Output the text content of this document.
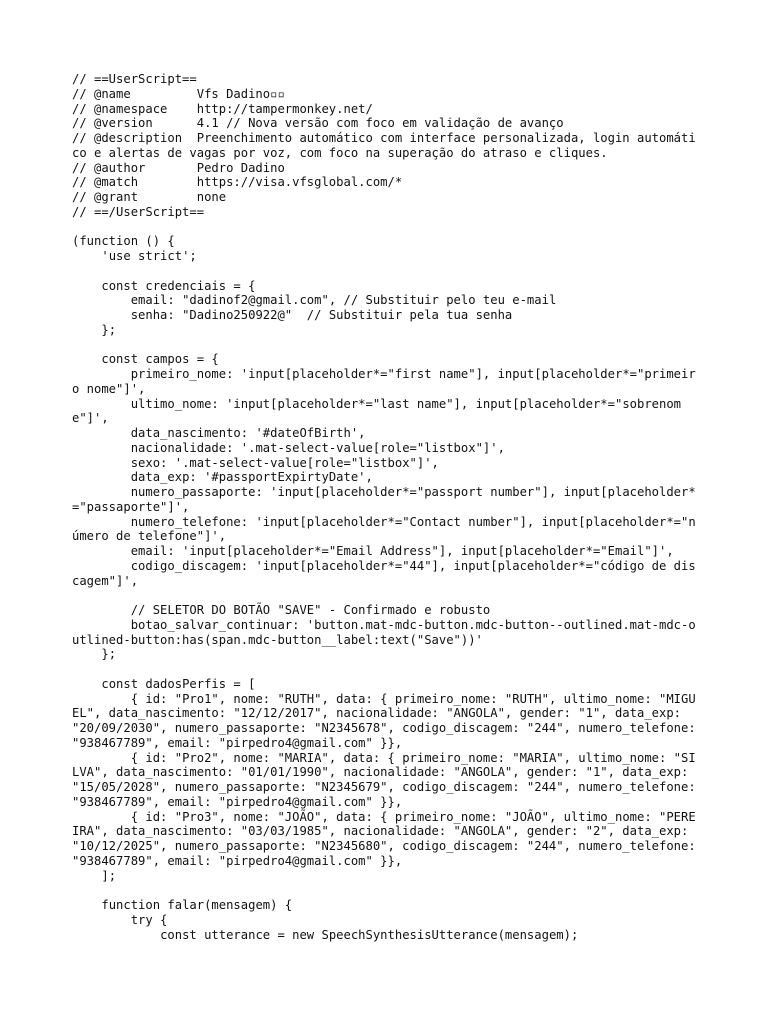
// ==UserScript==
// @name         Vfs Dadino▫▫
// @namespace    http://tampermonkey.net/
// @version      4.1 // Nova versão com foco em validação de avanço
// @description  Preenchimento automático com interface personalizada, login automático e alertas de vagas por voz, com foco na superação do atraso e cliques.
// @author       Pedro Dadino
// @match        https://visa.vfsglobal.com/*
// @grant        none
// ==/UserScript==
(function () {
'use strict';
const credenciais = {
email: "dadinof2@gmail.com", // Substituir pelo teu e-mail
senha: "Dadino250922@"  // Substituir pela tua senha
};
const campos = {
primeiro_nome: 'input[placeholder*="first name"], input[placeholder*="primeiro nome"]',
ultimo_nome: 'input[placeholder*="last name"], input[placeholder*="sobrenome"]',
data_nascimento: '#dateOfBirth',
nacionalidade: '.mat-select-value[role="listbox"]',
sexo: '.mat-select-value[role="listbox"]',
data_exp: '#passportExpirtyDate',
numero_passaporte: 'input[placeholder*="passport number"], input[placeholder*="passaporte"]',
numero_telefone: 'input[placeholder*="Contact number"], input[placeholder*="número de telefone"]',
email: 'input[placeholder*="Email Address"], input[placeholder*="Email"]',
codigo_discagem: 'input[placeholder*="44"], input[placeholder*="código de discagem"]',
// SELETOR DO BOTÃO "SAVE" - Confirmado e robusto
botao_salvar_continuar: 'button.mat-mdc-button.mdc-button--outlined.mat-mdc-outlined-button:has(span.mdc-button__label:text("Save"))'
};
const dadosPerfis = [
{ id: "Pro1", nome: "RUTH", data: { primeiro_nome: "RUTH", ultimo_nome: "MIGUEL", data_nascimento: "12/12/2017", nacionalidade: "ANGOLA", gender: "1", data_exp: "20/09/2030", numero_passaporte: "N2345678", codigo_discagem: "244", numero_telefone: "938467789", email: "pirpedro4@gmail.com" }},
{ id: "Pro2", nome: "MARIA", data: { primeiro_nome: "MARIA", ultimo_nome: "SILVA", data_nascimento: "01/01/1990", nacionalidade: "ANGOLA", gender: "1", data_exp: "15/05/2028", numero_passaporte: "N2345679", codigo_discagem: "244", numero_telefone: "938467789", email: "pirpedro4@gmail.com" }},
{ id: "Pro3", nome: "JOÃO", data: { primeiro_nome: "JOÃO", ultimo_nome: "PEREIRA", data_nascimento: "03/03/1985", nacionalidade: "ANGOLA", gender: "2", data_exp: "10/12/2025", numero_passaporte: "N2345680", codigo_discagem: "244", numero_telefone: "938467789", email: "pirpedro4@gmail.com" }},
];
function falar(mensagem) {
try {
const utterance = new SpeechSynthesisUtterance(mensagem);
